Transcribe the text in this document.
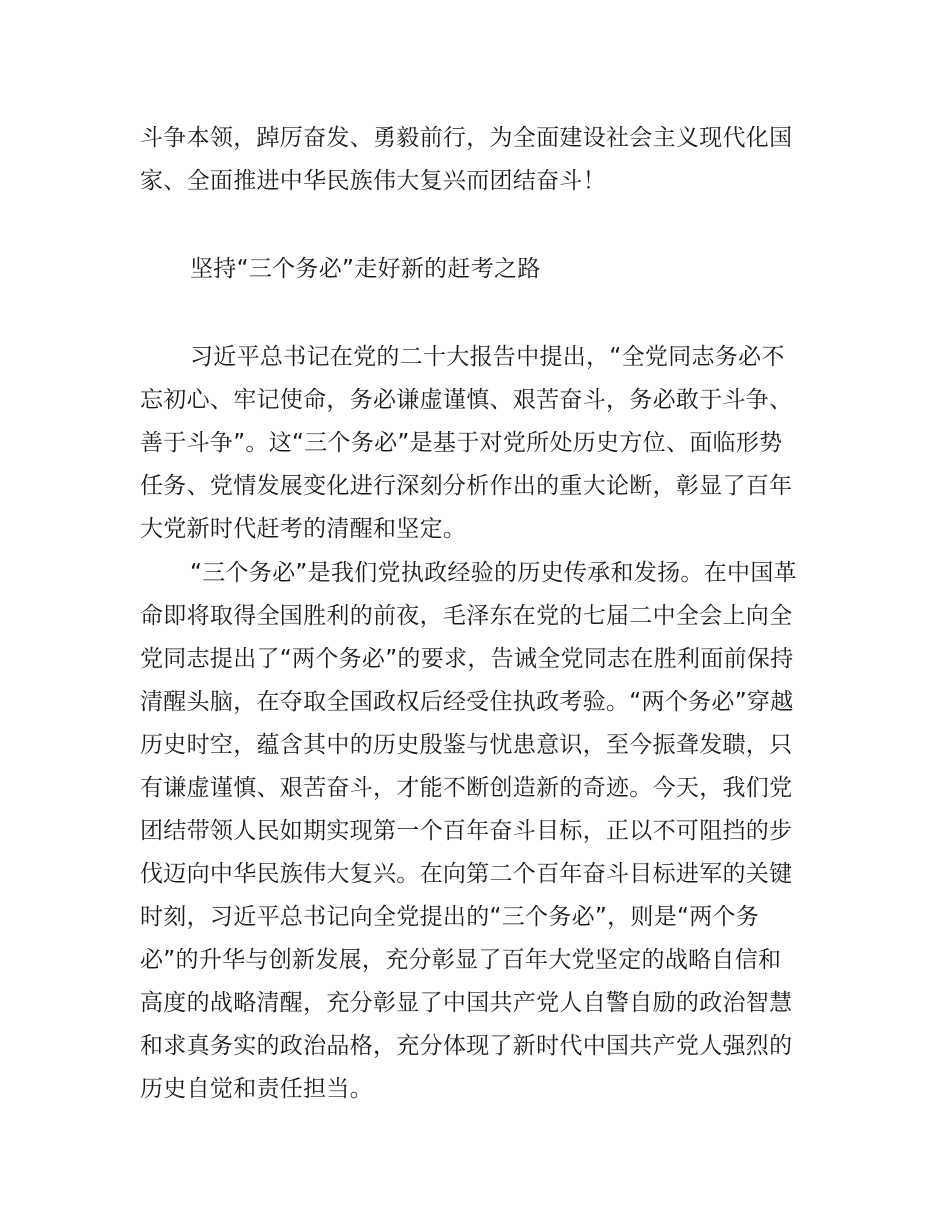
斗争本领，踔厉奋发、勇毅前行，为全面建设社会主义现代化国家、全面推进中华民族伟大复兴而团结奋斗！

坚持“三个务必”走好新的赶考之路

习近平总书记在党的二十大报告中提出，“全党同志务必不忘初心、牢记使命，务必谦虚谨慎、艰苦奋斗，务必敢于斗争、善于斗争”。这“三个务必”是基于对党所处历史方位、面临形势任务、党情发展变化进行深刻分析作出的重大论断，彰显了百年大党新时代赶考的清醒和坚定。

“三个务必”是我们党执政经验的历史传承和发扬。在中国革命即将取得全国胜利的前夜，毛泽东在党的七届二中全会上向全党同志提出了“两个务必”的要求，告诫全党同志在胜利面前保持清醒头脑，在夺取全国政权后经受住执政考验。“两个务必”穿越历史时空，蕴含其中的历史殷鉴与忧患意识，至今振聋发聩，只有谦虚谨慎、艰苦奋斗，才能不断创造新的奇迹。今天，我们党团结带领人民如期实现第一个百年奋斗目标，正以不可阻挡的步伐迈向中华民族伟大复兴。在向第二个百年奋斗目标进军的关键时刻，习近平总书记向全党提出的“三个务必”，则是“两个务必”的升华与创新发展，充分彰显了百年大党坚定的战略自信和高度的战略清醒，充分彰显了中国共产党人自警自励的政治智慧和求真务实的政治品格，充分体现了新时代中国共产党人强烈的历史自觉和责任担当。
